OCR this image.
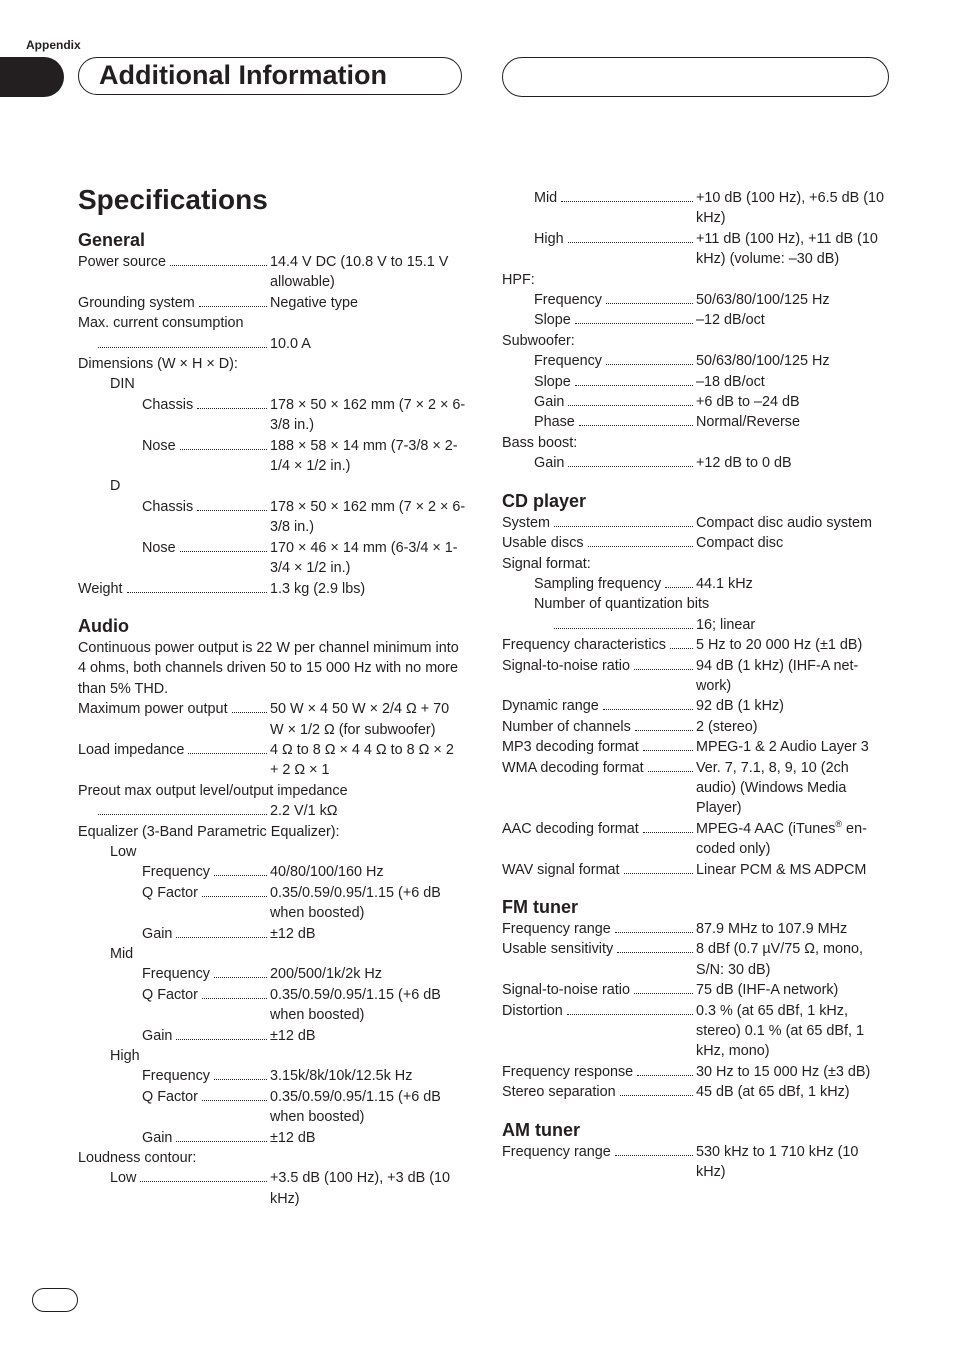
Appendix
Additional Information
Specifications
General
Power source	14.4 V DC (10.8 V to 15.1 V allowable)
Grounding system	Negative type
Max. current consumption
10.0 A
Dimensions (W × H × D):
DIN
Chassis	178 × 50 × 162 mm (7 × 2 × 6-3/8 in.)
Nose	188 × 58 × 14 mm (7-3/8 × 2-1/4 × 1/2 in.)
D
Chassis	178 × 50 × 162 mm (7 × 2 × 6-3/8 in.)
Nose	170 × 46 × 14 mm (6-3/4 × 1-3/4 × 1/2 in.)
Weight	1.3 kg (2.9 lbs)
Audio
Continuous power output is 22 W per channel minimum into 4 ohms, both channels driven 50 to 15 000 Hz with no more than 5% THD.
Maximum power output	50 W × 4 50 W × 2/4 Ω + 70 W × 1/2 Ω (for subwoofer)
Load impedance	4 Ω to 8 Ω × 4 4 Ω to 8 Ω × 2 + 2 Ω × 1
Preout max output level/output impedance
2.2 V/1 kΩ
Equalizer (3-Band Parametric Equalizer):
Low
Frequency	40/80/100/160 Hz
Q Factor	0.35/0.59/0.95/1.15 (+6 dB when boosted)
Gain	±12 dB
Mid
Frequency	200/500/1k/2k Hz
Q Factor	0.35/0.59/0.95/1.15 (+6 dB when boosted)
Gain	±12 dB
High
Frequency	3.15k/8k/10k/12.5k Hz
Q Factor	0.35/0.59/0.95/1.15 (+6 dB when boosted)
Gain	±12 dB
Loudness contour:
Low	+3.5 dB (100 Hz), +3 dB (10 kHz)
Mid	+10 dB (100 Hz), +6.5 dB (10 kHz)
High	+11 dB (100 Hz), +11 dB (10 kHz) (volume: –30 dB)
HPF:
Frequency	50/63/80/100/125 Hz
Slope	–12 dB/oct
Subwoofer:
Frequency	50/63/80/100/125 Hz
Slope	–18 dB/oct
Gain	+6 dB to –24 dB
Phase	Normal/Reverse
Bass boost:
Gain	+12 dB to 0 dB
CD player
System	Compact disc audio system
Usable discs	Compact disc
Signal format:
Sampling frequency 44.1 kHz
Number of quantization bits
16; linear
Frequency characteristics 5 Hz to 20 000 Hz (±1 dB)
Signal-to-noise ratio	94 dB (1 kHz) (IHF-A net-work)
Dynamic range	92 dB (1 kHz)
Number of channels	2 (stereo)
MP3 decoding format	MPEG-1 & 2 Audio Layer 3
WMA decoding format	Ver. 7, 7.1, 8, 9, 10 (2ch audio) (Windows Media Player)
AAC decoding format	MPEG-4 AAC (iTunes® en-coded only)
WAV signal format	Linear PCM & MS ADPCM
FM tuner
Frequency range	87.9 MHz to 107.9 MHz
Usable sensitivity	8 dBf (0.7 µV/75 Ω, mono, S/N: 30 dB)
Signal-to-noise ratio	75 dB (IHF-A network)
Distortion	0.3 % (at 65 dBf, 1 kHz, stereo) 0.1 % (at 65 dBf, 1 kHz, mono)
Frequency response	30 Hz to 15 000 Hz (±3 dB)
Stereo separation	45 dB (at 65 dBf, 1 kHz)
AM tuner
Frequency range	530 kHz to 1 710 kHz (10 kHz)
